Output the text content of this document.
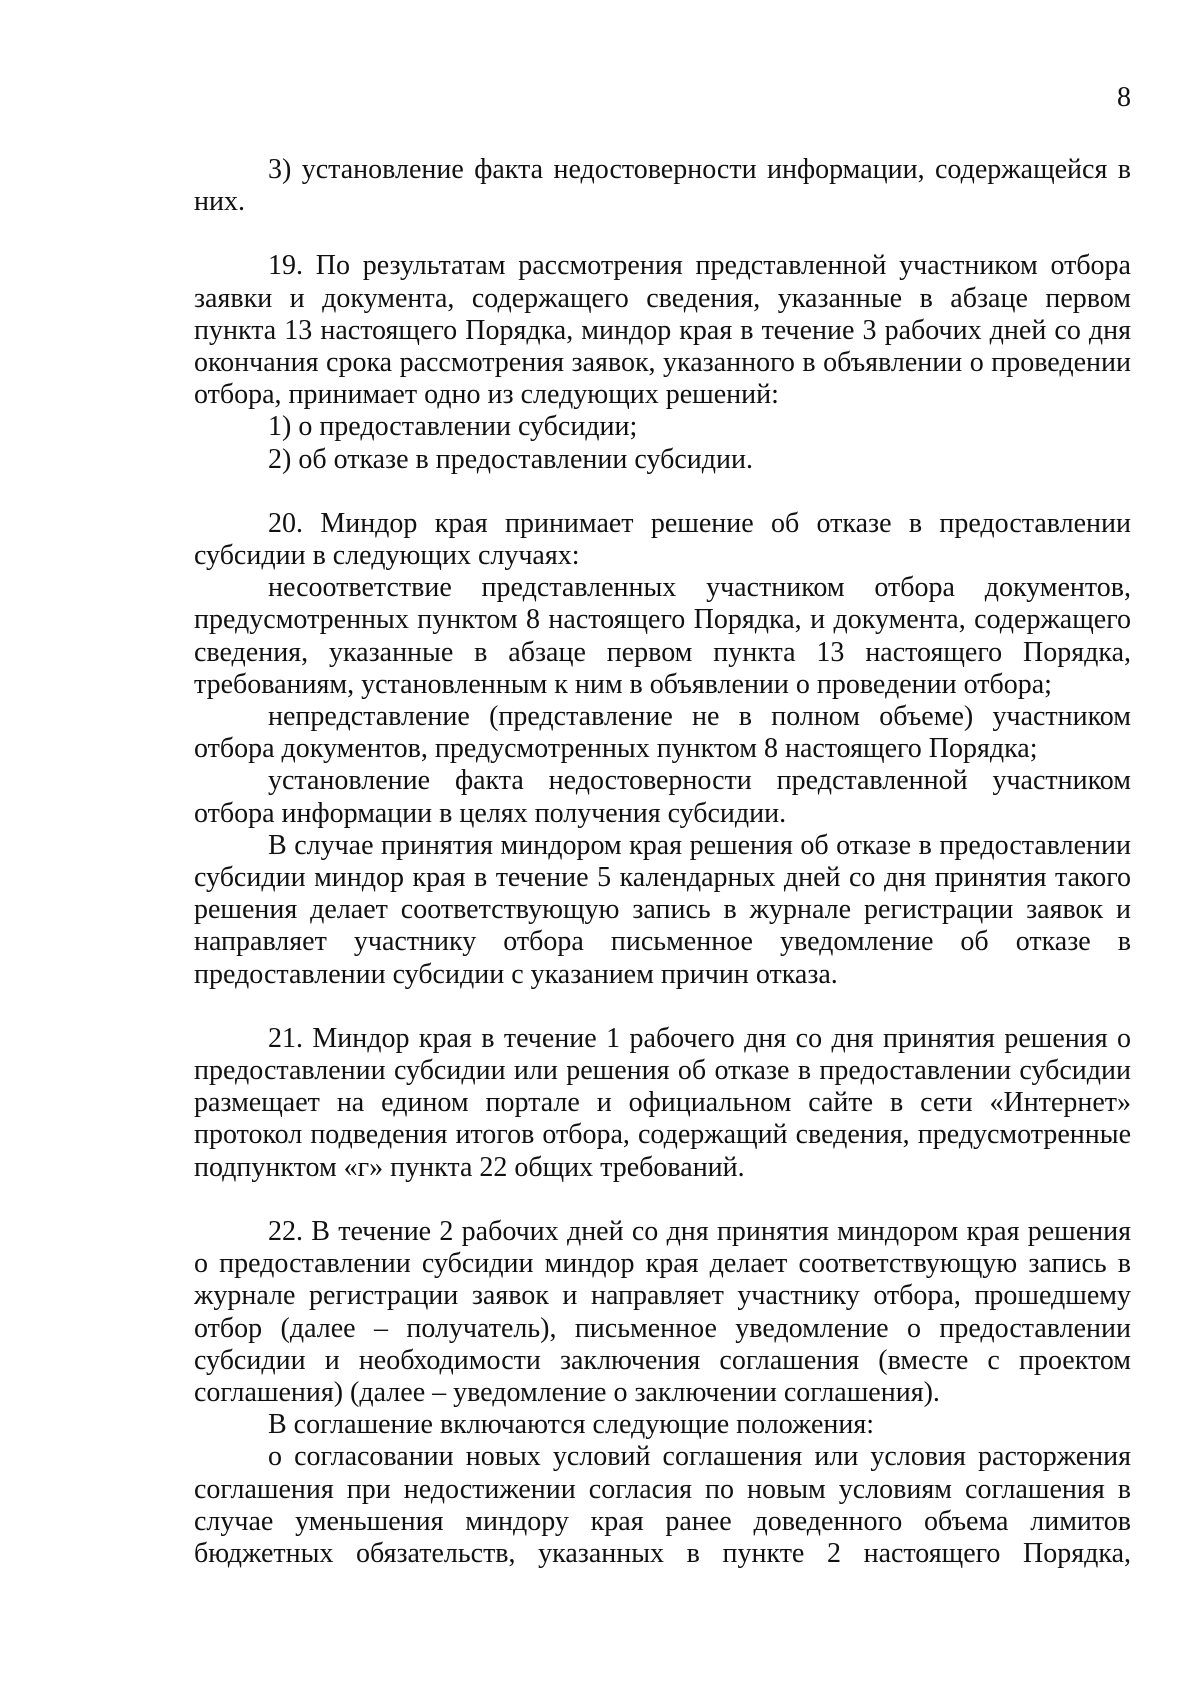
8

3) установление факта недостоверности информации, содержащейся в них.

19. По результатам рассмотрения представленной участником отбора заявки и документа, содержащего сведения, указанные в абзаце первом пункта 13 настоящего Порядка, миндор края в течение 3 рабочих дней со дня окончания срока рассмотрения заявок, указанного в объявлении о проведении отбора, принимает одно из следующих решений:

1) о предоставлении субсидии;

2) об отказе в предоставлении субсидии.

20. Миндор края принимает решение об отказе в предоставлении субсидии в следующих случаях:

несоответствие представленных участником отбора документов, предусмотренных пунктом 8 настоящего Порядка, и документа, содержащего сведения, указанные в абзаце первом пункта 13 настоящего Порядка, требованиям, установленным к ним в объявлении о проведении отбора;

непредставление (представление не в полном объеме) участником отбора документов, предусмотренных пунктом 8 настоящего Порядка;

установление факта недостоверности представленной участником отбора информации в целях получения субсидии.

В случае принятия миндором края решения об отказе в предоставлении субсидии миндор края в течение 5 календарных дней со дня принятия такого решения делает соответствующую запись в журнале регистрации заявок и направляет участнику отбора письменное уведомление об отказе в предоставлении субсидии с указанием причин отказа.

21. Миндор края в течение 1 рабочего дня со дня принятия решения о предоставлении субсидии или решения об отказе в предоставлении субсидии размещает на едином портале и официальном сайте в сети «Интернет» протокол подведения итогов отбора, содержащий сведения, предусмотренные подпунктом «г» пункта 22 общих требований.

22. В течение 2 рабочих дней со дня принятия миндором края решения о предоставлении субсидии миндор края делает соответствующую запись в журнале регистрации заявок и направляет участнику отбора, прошедшему отбор (далее – получатель), письменное уведомление о предоставлении субсидии и необходимости заключения соглашения (вместе с проектом соглашения) (далее – уведомление о заключении соглашения).

В соглашение включаются следующие положения:

о согласовании новых условий соглашения или условия расторжения соглашения при недостижении согласия по новым условиям соглашения в случае уменьшения миндору края ранее доведенного объема лимитов бюджетных обязательств, указанных в пункте 2 настоящего Порядка,
